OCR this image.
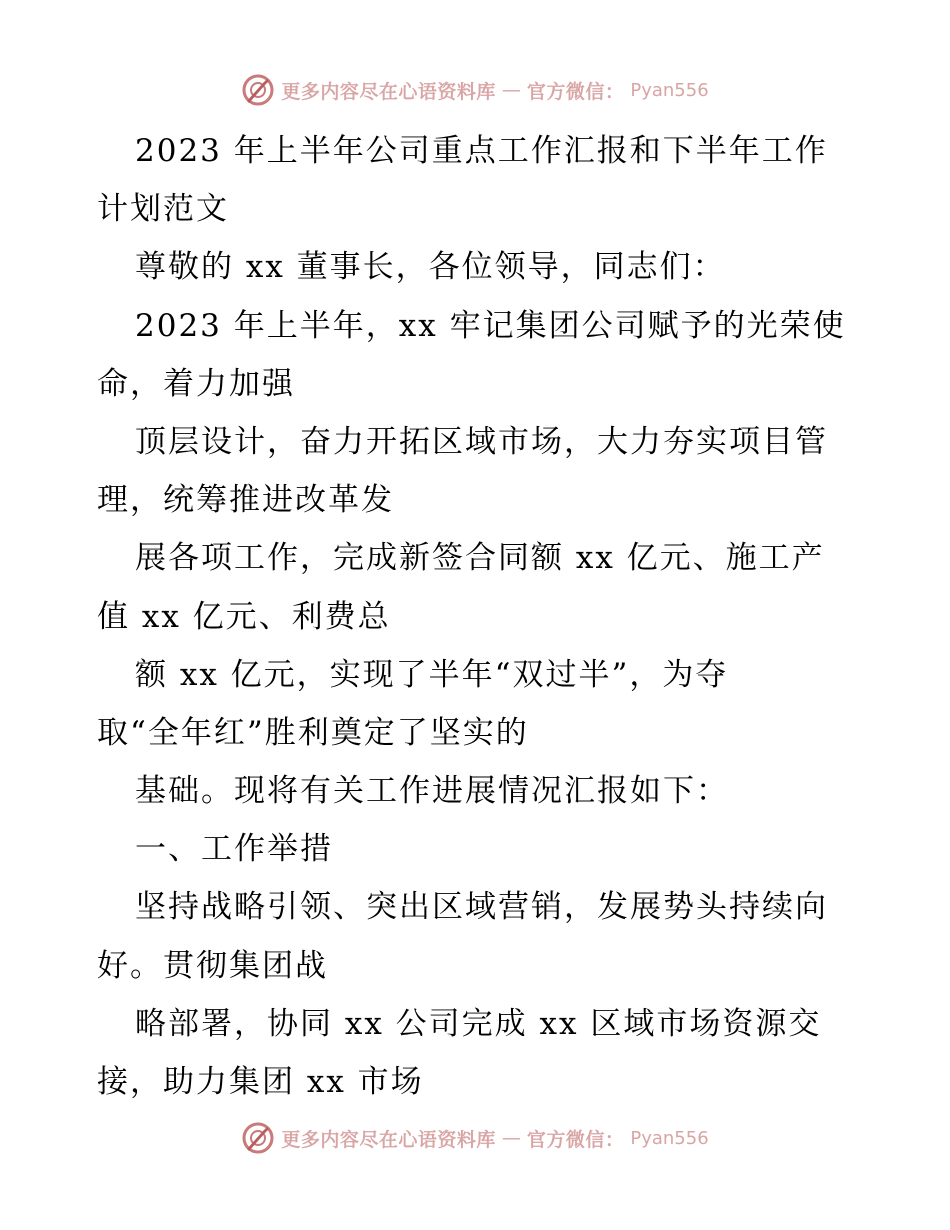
更多内容尽在心语资料库 — 官方微信： Pyan556
2023 年上半年公司重点工作汇报和下半年工作
计划范文
尊敬的 xx 董事长，各位领导，同志们：
2023 年上半年，xx 牢记集团公司赋予的光荣使
命，着力加强
顶层设计，奋力开拓区域市场，大力夯实项目管
理，统筹推进改革发
展各项工作，完成新签合同额 xx 亿元、施工产
值 xx 亿元、利费总
额 xx 亿元，实现了半年“双过半”，为夺
取“全年红”胜利奠定了坚实的
基础。现将有关工作进展情况汇报如下：
一、工作举措
坚持战略引领、突出区域营销，发展势头持续向
好。贯彻集团战
略部署，协同 xx 公司完成 xx 区域市场资源交
接，助力集团 xx 市场
更多内容尽在心语资料库 — 官方微信： Pyan556
